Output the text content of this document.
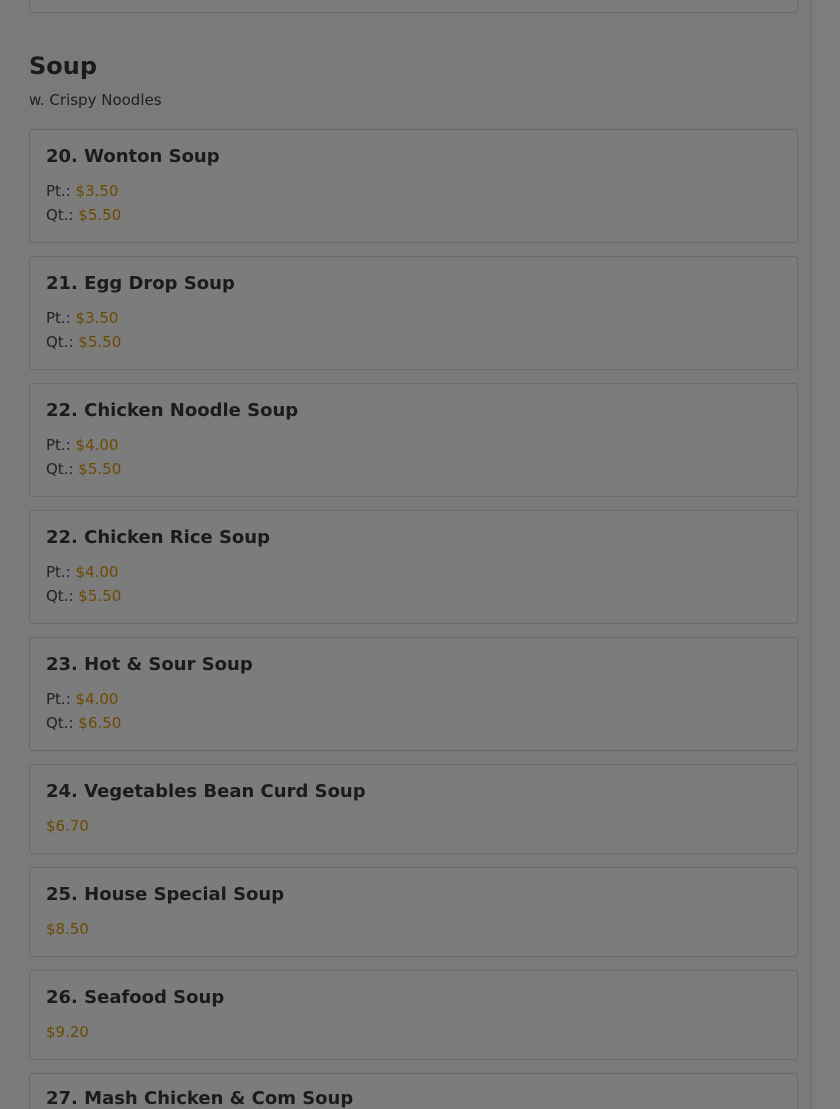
Soup
w. Crispy Noodles
20. Wonton Soup
Pt.: $3.50
Qt.: $5.50
21. Egg Drop Soup
Pt.: $3.50
Qt.: $5.50
22. Chicken Noodle Soup
Pt.: $4.00
Qt.: $5.50
22. Chicken Rice Soup
Pt.: $4.00
Qt.: $5.50
23. Hot & Sour Soup
Pt.: $4.00
Qt.: $6.50
24. Vegetables Bean Curd Soup
$6.70
25. House Special Soup
$8.50
26. Seafood Soup
$9.20
27. Mash Chicken & Com Soup
